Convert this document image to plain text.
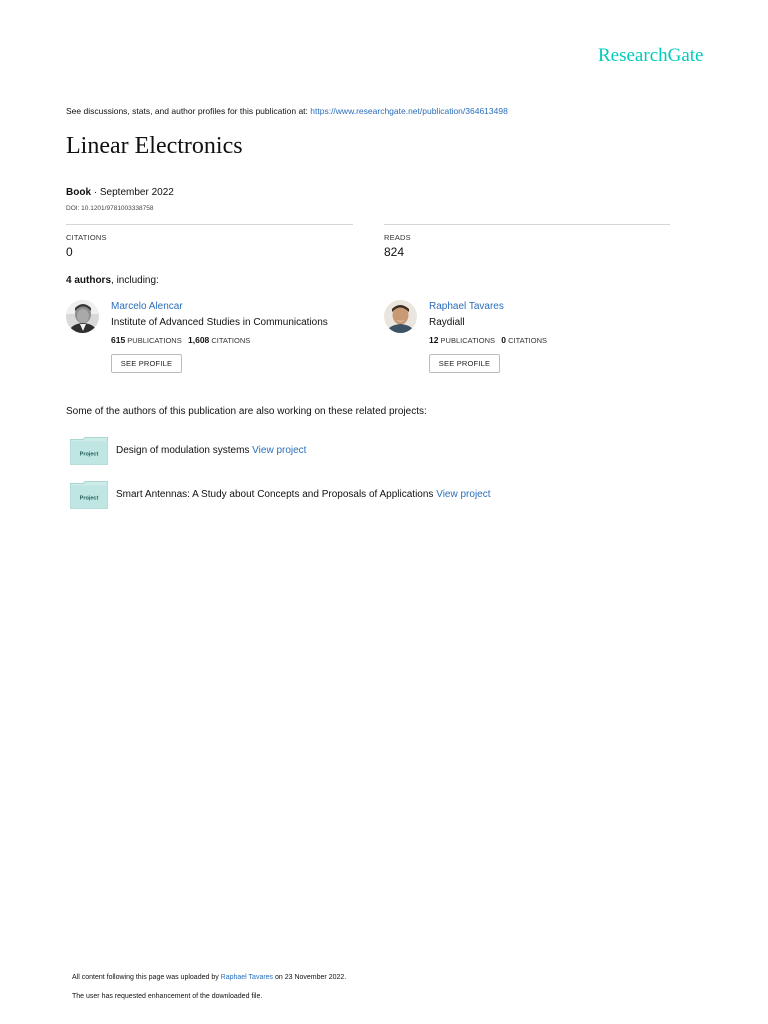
ResearchGate
See discussions, stats, and author profiles for this publication at: https://www.researchgate.net/publication/364613498
Linear Electronics
Book · September 2022
DOI: 10.1201/9781003338758
CITATIONS
0
READS
824
4 authors, including:
Marcelo Alencar
Institute of Advanced Studies in Communications
615 PUBLICATIONS 1,608 CITATIONS
SEE PROFILE
Raphael Tavares
Raydiall
12 PUBLICATIONS 0 CITATIONS
SEE PROFILE
Some of the authors of this publication are also working on these related projects:
Project Design of modulation systems View project
Project Smart Antennas: A Study about Concepts and Proposals of Applications View project
All content following this page was uploaded by Raphael Tavares on 23 November 2022.
The user has requested enhancement of the downloaded file.
